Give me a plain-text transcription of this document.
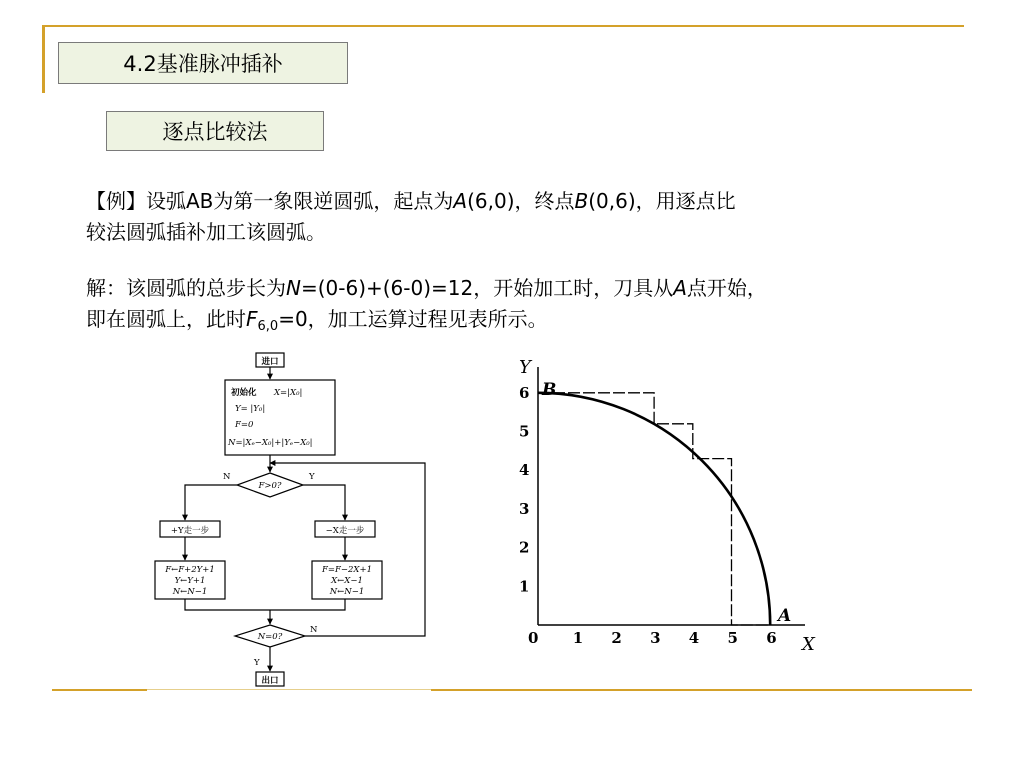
4.2基准脉冲插补
逐点比较法

【例】设弧AB为第一象限逆圆弧，起点为A(6,0)，终点B(0,6)，用逐点比
较法圆弧插补加工该圆弧。

解：该圆弧的总步长为N=(0-6)+(6-0)=12，开始加工时，刀具从A点开始，
即在圆弧上，此时$F_{6,0}=0$，加工运算过程见表所示。

进口
初始化 X=|X₀|
Y= |Y₀|
F=0
N=|Xₑ−X₀|+|Yₑ−X₀|
F>0?
N	Y
+Y走一步	−X走一步
F←F+2Y+1
Y←Y+1
N←N−1
F=F−2X+1
X←X−1
N←N−1
N=0?
N
Y
出口
0 1 2 3 4 5 6
1
2
3
4
5
6
Y
X
B
A
